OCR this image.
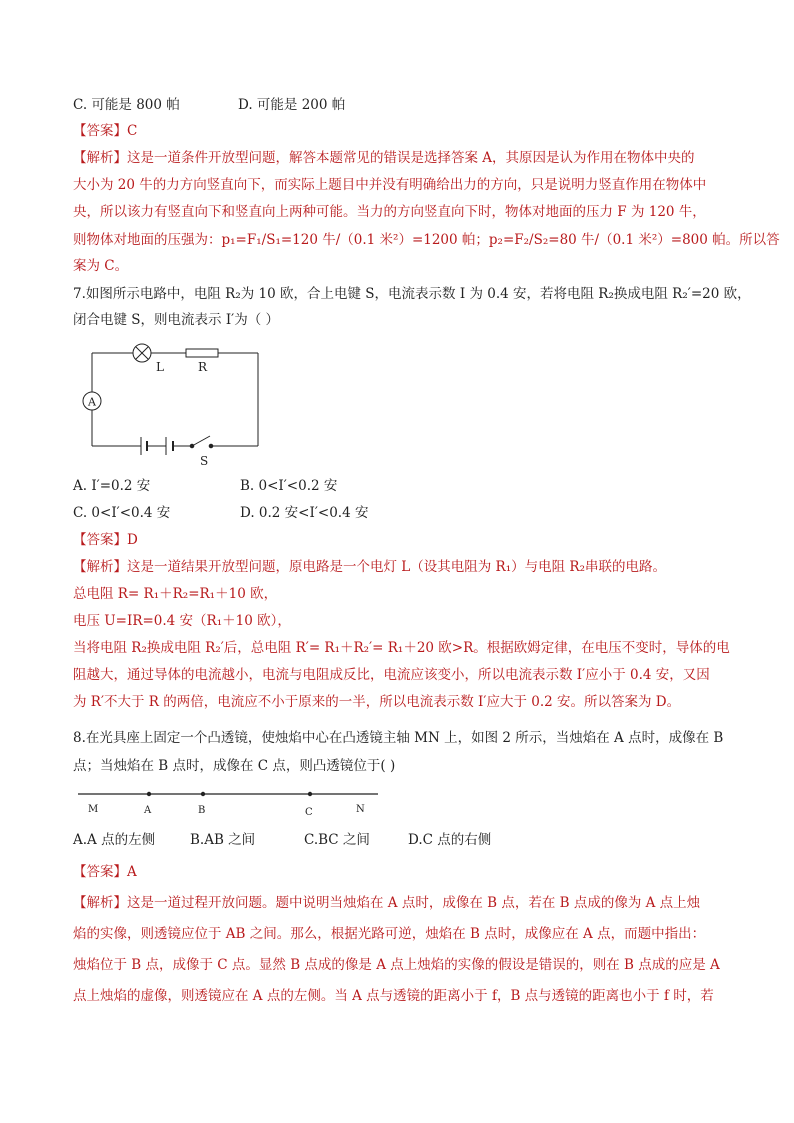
C. 可能是 800 帕	D. 可能是 200 帕
【答案】C
【解析】这是一道条件开放型问题，解答本题常见的错误是选择答案 A，其原因是认为作用在物体中央的
大小为 20 牛的力方向竖直向下，而实际上题目中并没有明确给出力的方向，只是说明力竖直作用在物体中
央，所以该力有竖直向下和竖直向上两种可能。当力的方向竖直向下时，物体对地面的压力 F 为 120 牛，
则物体对地面的压强为：p₁=F₁/S₁=120 牛/（0.1 米²）=1200 帕；p₂=F₂/S₂=80 牛/（0.1 米²）=800 帕。所以答
案为 C。
7.如图所示电路中，电阻 R₂为 10 欧，合上电键 S，电流表示数 I 为 0.4 安，若将电阻 R₂换成电阻 R₂′=20 欧，
闭合电键 S，则电流表示 I′为（ ）
A
L	R
S
A. I′=0.2 安	B. 0<I′<0.2 安
C. 0<I′<0.4 安	D. 0.2 安<I′<0.4 安
【答案】D
【解析】这是一道结果开放型问题，原电路是一个电灯 L（设其电阻为 R₁）与电阻 R₂串联的电路。
总电阻 R= R₁＋R₂=R₁＋10 欧，
电压 U=IR=0.4 安（R₁＋10 欧），
当将电阻 R₂换成电阻 R₂′后，总电阻 R′= R₁＋R₂′= R₁＋20 欧>R。根据欧姆定律，在电压不变时，导体的电
阻越大，通过导体的电流越小，电流与电阻成反比，电流应该变小，所以电流表示数 I′应小于 0.4 安，又因
为 R′不大于 R 的两倍，电流应不小于原来的一半，所以电流表示数 I′应大于 0.2 安。所以答案为 D。
8.在光具座上固定一个凸透镜，使烛焰中心在凸透镜主轴 MN 上，如图 2 所示，当烛焰在 A 点时，成像在 B
点；当烛焰在 B 点时，成像在 C 点，则凸透镜位于( )
M	A	B	C	N
A.A 点的左侧	B.AB 之间	C.BC 之间	D.C 点的右侧
【答案】A
【解析】这是一道过程开放问题。题中说明当烛焰在 A 点时，成像在 B 点，若在 B 点成的像为 A 点上烛
焰的实像，则透镜应位于 AB 之间。那么，根据光路可逆，烛焰在 B 点时，成像应在 A 点，而题中指出：
烛焰位于 B 点，成像于 C 点。显然 B 点成的像是 A 点上烛焰的实像的假设是错误的，则在 B 点成的应是 A
点上烛焰的虚像，则透镜应在 A 点的左侧。当 A 点与透镜的距离小于 f，B 点与透镜的距离也小于 f 时，若
